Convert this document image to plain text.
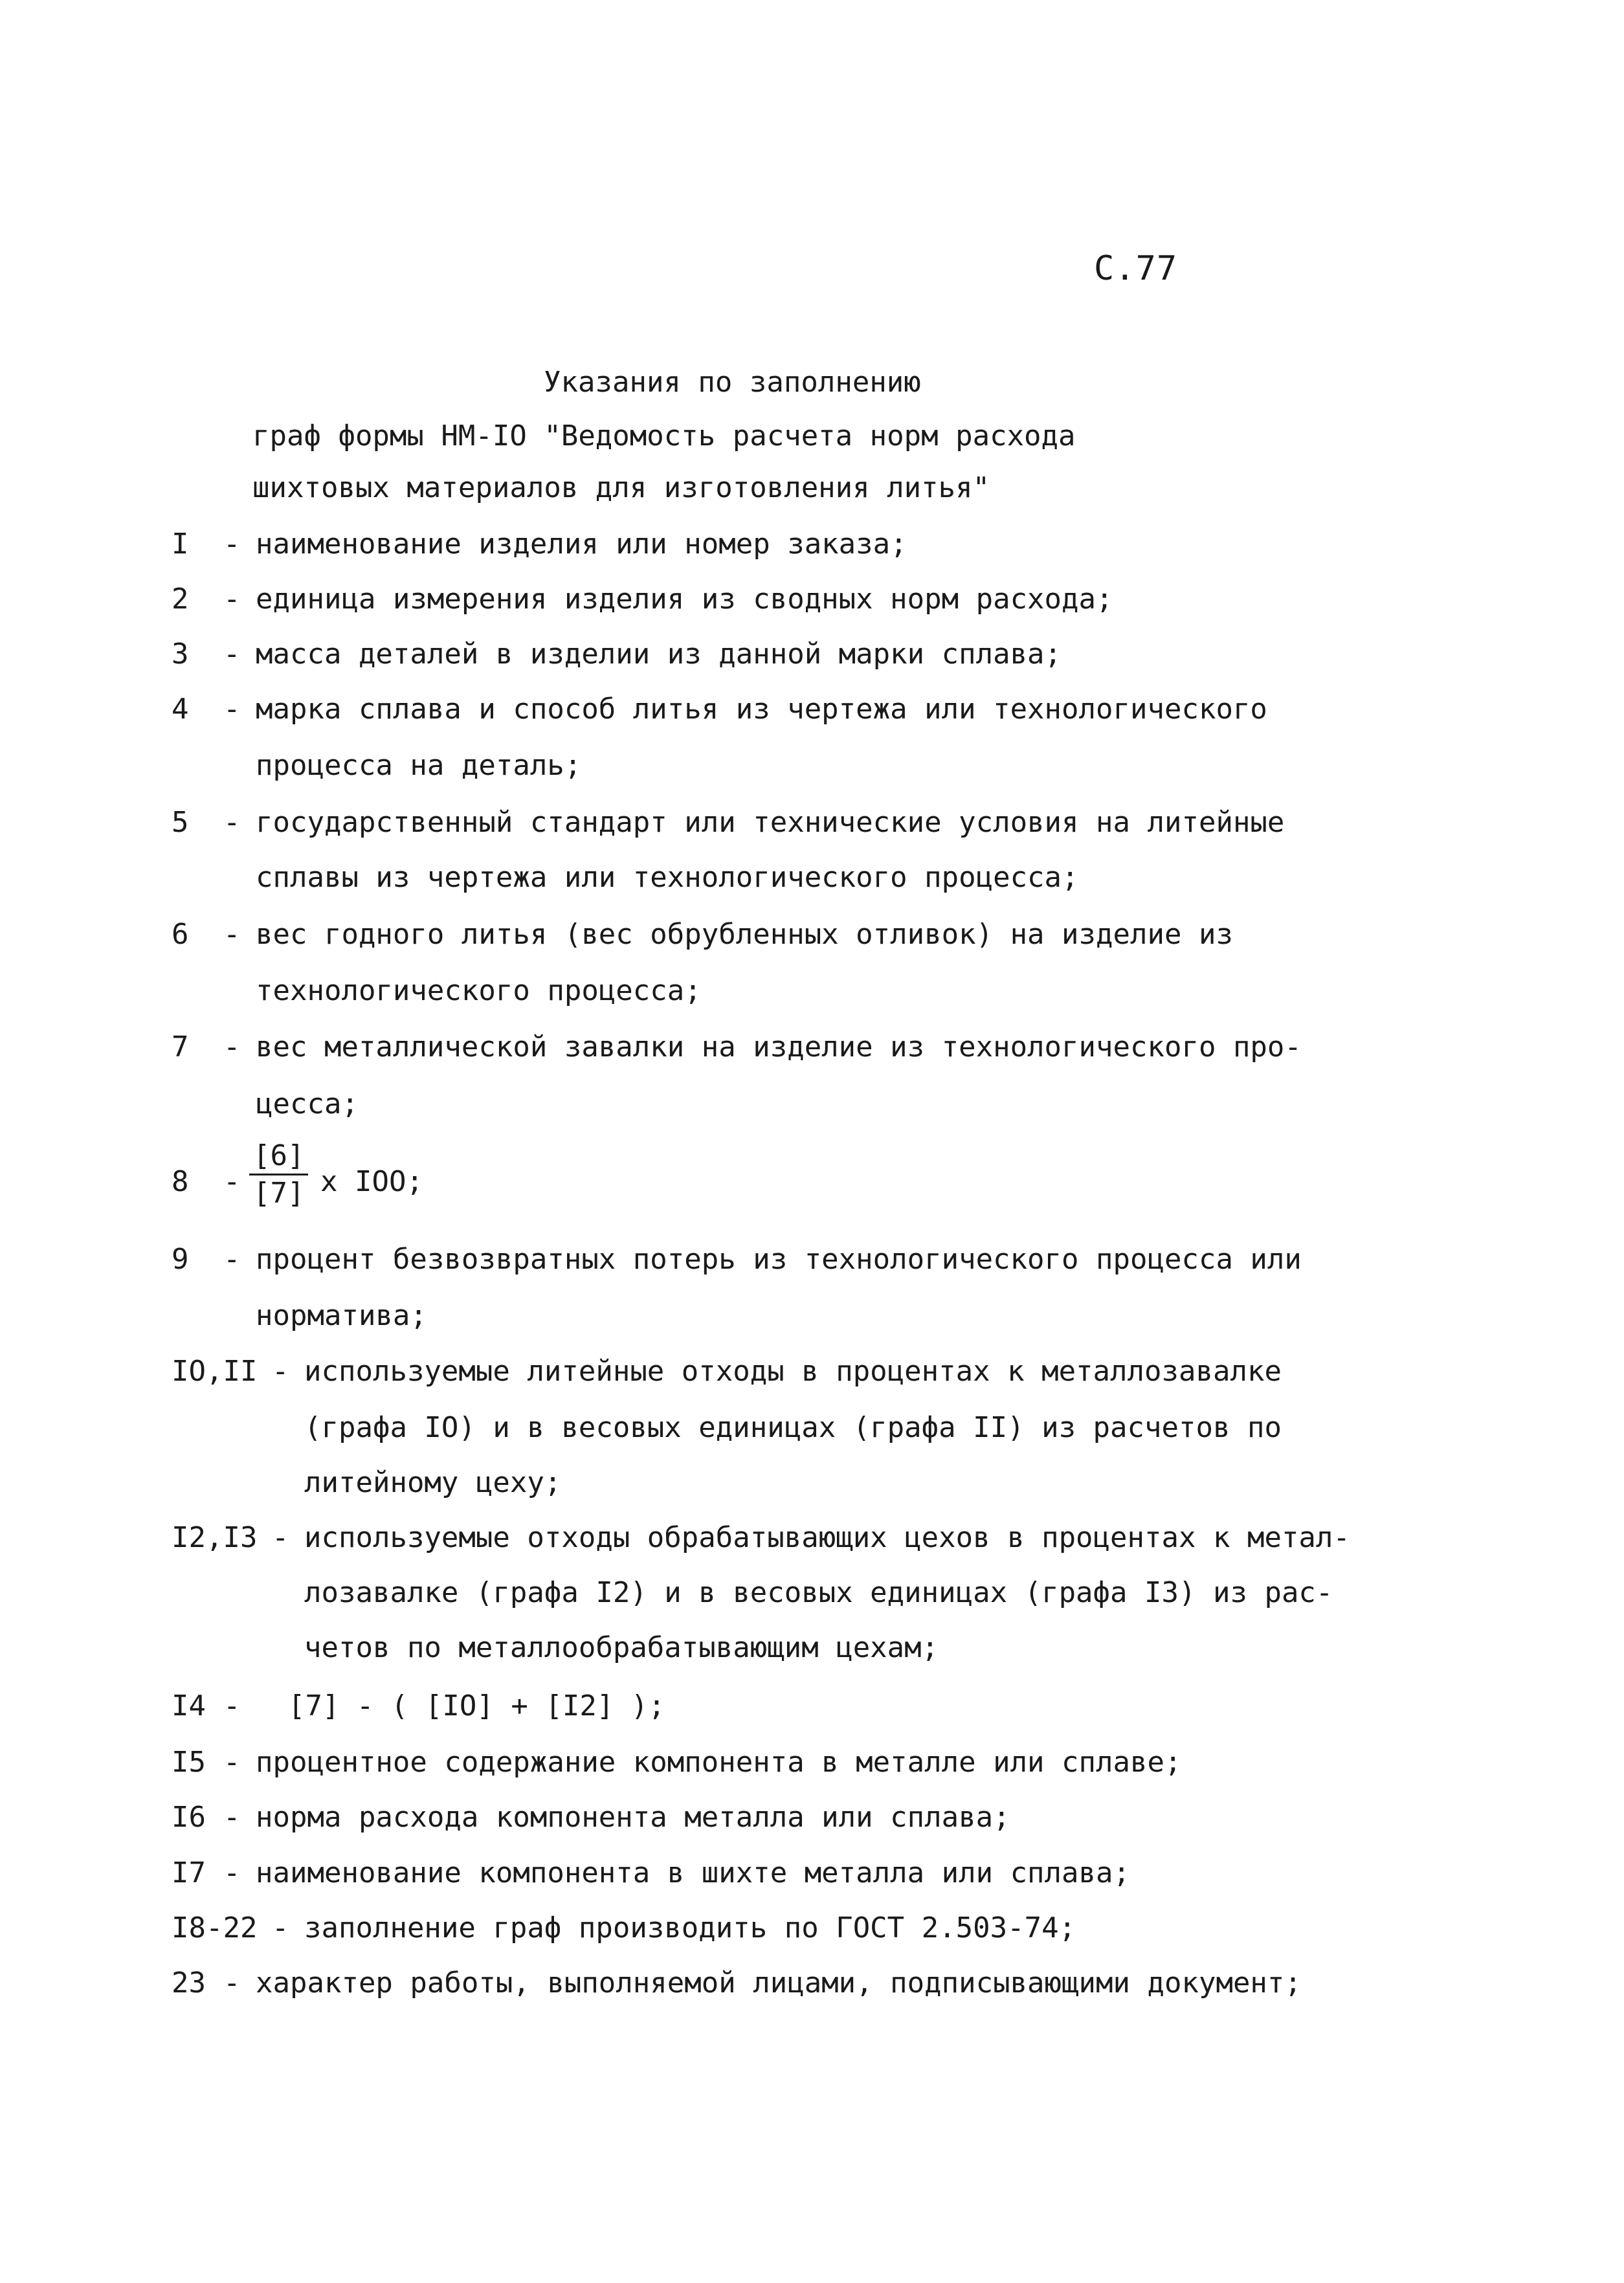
C.77
Указания по заполнению
граф формы НМ-IO "Ведомость расчета норм расхода
шихтовых материалов для изготовления литья"
I - наименование изделия или номер заказа;
2 - единица измерения изделия из сводных норм расхода;
3 - масса деталей в изделии из данной марки сплава;
4 - марка сплава и способ литья из чертежа или технологического
процесса на деталь;
5 - государственный стандарт или технические условия на литейные
сплавы из чертежа или технологического процесса;
6 - вес годного литья (вес обрубленных отливок) на изделие из
технологического процесса;
7 - вес металлической завалки на изделие из технологического про-
цесса;
$8 - \frac{[6]}{[7]}$ x IOO;
9 - процент безвозвратных потерь из технологического процесса или
норматива;
IO,II - используемые литейные отходы в процентах к металлозавалке
(графа IO) и в весовых единицах (графа II) из расчетов по
литейному цеху;
I2,I3 - используемые отходы обрабатывающих цехов в процентах к метал-
лозавалке (графа I2) и в весовых единицах (графа I3) из рас-
четов по металлообрабатывающим цехам;
I4 - [7] - ( [IO] + [I2] );
I5 - процентное содержание компонента в металле или сплаве;
I6 - норма расхода компонента металла или сплава;
I7 - наименование компонента в шихте металла или сплава;
I8-22 - заполнение граф производить по ГОСТ 2.503-74;
23 - характер работы, выполняемой лицами, подписывающими документ;
